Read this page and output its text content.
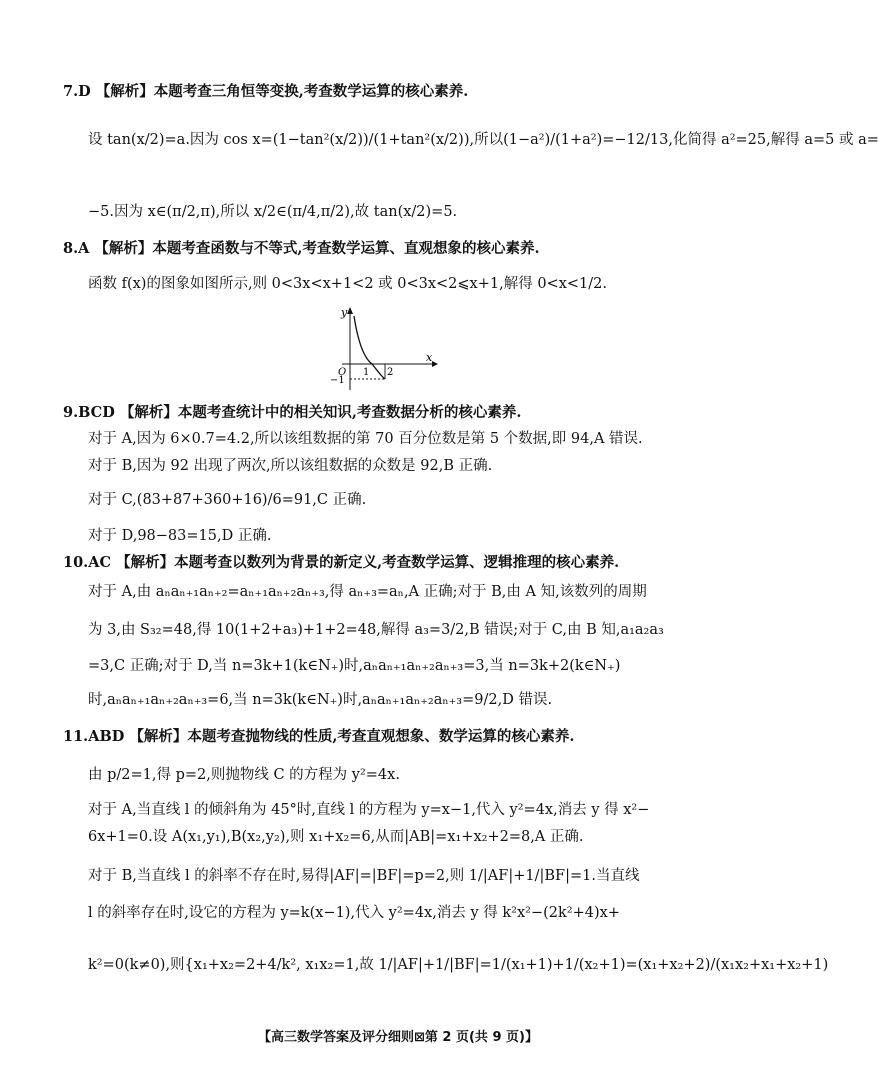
7.D 【解析】本题考查三角恒等变换,考查数学运算的核心素养.
设 tan(x/2)=a.因为 cos x=(1−tan²(x/2))/(1+tan²(x/2)),所以(1−a²)/(1+a²)=−12/13,化简得 a²=25,解得 a=5 或 a=
−5.因为 x∈(π/2,π),所以 x/2∈(π/4,π/2),故 tan(x/2)=5.
8.A 【解析】本题考查函数与不等式,考查数学运算、直观想象的核心素养.
函数 f(x)的图象如图所示,则 0<3x<x+1<2 或 0<3x<2⩽x+1,解得 0<x<1/2.
y
x
O 1 2
−1
9.BCD 【解析】本题考查统计中的相关知识,考查数据分析的核心素养.
对于 A,因为 6×0.7=4.2,所以该组数据的第 70 百分位数是第 5 个数据,即 94,A 错误.
对于 B,因为 92 出现了两次,所以该组数据的众数是 92,B 正确.
对于 C,(83+87+360+16)/6=91,C 正确.
对于 D,98−83=15,D 正确.
10.AC 【解析】本题考查以数列为背景的新定义,考查数学运算、逻辑推理的核心素养.
对于 A,由 aₙaₙ₊₁aₙ₊₂=aₙ₊₁aₙ₊₂aₙ₊₃,得 aₙ₊₃=aₙ,A 正确;对于 B,由 A 知,该数列的周期
为 3,由 S₃₂=48,得 10(1+2+a₃)+1+2=48,解得 a₃=3/2,B 错误;对于 C,由 B 知,a₁a₂a₃
=3,C 正确;对于 D,当 n=3k+1(k∈N₊)时,aₙaₙ₊₁aₙ₊₂aₙ₊₃=3,当 n=3k+2(k∈N₊)
时,aₙaₙ₊₁aₙ₊₂aₙ₊₃=6,当 n=3k(k∈N₊)时,aₙaₙ₊₁aₙ₊₂aₙ₊₃=9/2,D 错误.
11.ABD 【解析】本题考查抛物线的性质,考查直观想象、数学运算的核心素养.
由 p/2=1,得 p=2,则抛物线 C 的方程为 y²=4x.
对于 A,当直线 l 的倾斜角为 45°时,直线 l 的方程为 y=x−1,代入 y²=4x,消去 y 得 x²−
6x+1=0.设 A(x₁,y₁),B(x₂,y₂),则 x₁+x₂=6,从而|AB|=x₁+x₂+2=8,A 正确.
对于 B,当直线 l 的斜率不存在时,易得|AF|=|BF|=p=2,则 1/|AF|+1/|BF|=1.当直线
l 的斜率存在时,设它的方程为 y=k(x−1),代入 y²=4x,消去 y 得 k²x²−(2k²+4)x+
k²=0(k≠0),则{x₁+x₂=2+4/k², x₁x₂=1,故 1/|AF|+1/|BF|=1/(x₁+1)+1/(x₂+1)=(x₁+x₂+2)/(x₁x₂+x₁+x₂+1)
【高三数学答案及评分细则⊠第 2 页(共 9 页)】
